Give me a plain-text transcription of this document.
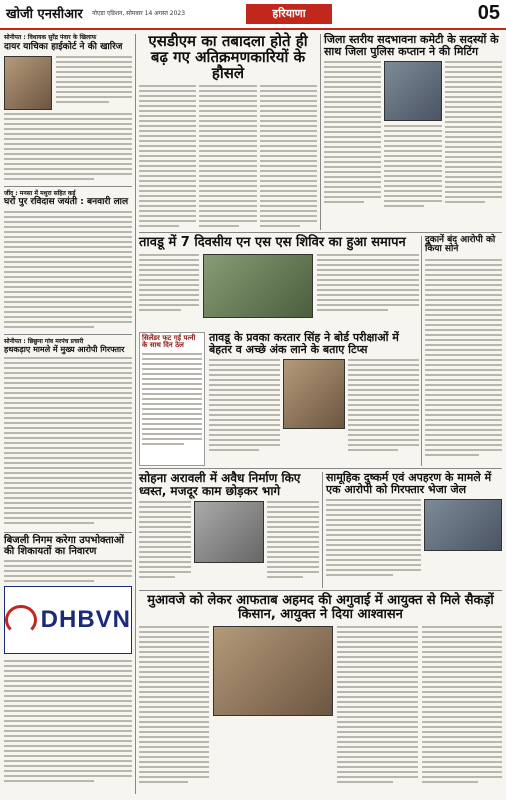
खोजी एनसीआर	नोएडा एडिशन, सोमवार 14 अगस्त 2023	हरियाणा	05
सोनीपत : विधायक सुरेंद्र पंवार के खिलाफ
दायर याचिका हाईकोर्ट ने की खारिज
जींद : मनसा में मथुरा सहित कई
घरों पुर रविदास जयंती : बनवारी लाल
सोनीपत : छिछुना गांव मरपंच प्रचारी
हथकड़ाए मामले में मुख्य आरोपी गिरफ्तार
बिजली निगम करेगा उपभोक्ताओं की शिकायतों का निवारण
DHBVN
एसडीएम का तबादला होते ही बढ़ गए अतिक्रमणकारियों के हौसले
जिला स्तरीय सदभावना कमेटी के सदस्यों के साथ जिला पुलिस कप्तान ने की मिटिंग
तावडू में 7 दिवसीय एन एस एस शिविर का हुआ समापन	दुकानें बंद आरोपी को किया सोने
सिलेंडर फट गई पत्नी के साथ दिन ठेल
तावडू के प्रवका करतार सिंह ने बोर्ड परीक्षाओं में बेहतर व अच्छे अंक लाने के बताए टिप्स
सोहना अरावली में अवैध निर्माण किए ध्वस्त, मजदूर काम छोड़कर भागे
सामूहिक दुष्कर्म एवं अपहरण के मामले में एक आरोपी को गिरफ्तार भेजा जेल
मुआवजे को लेकर आफताब अहमद की अगुवाई में आयुक्त से मिले सैकड़ों किसान, आयुक्त ने दिया आश्वासन
